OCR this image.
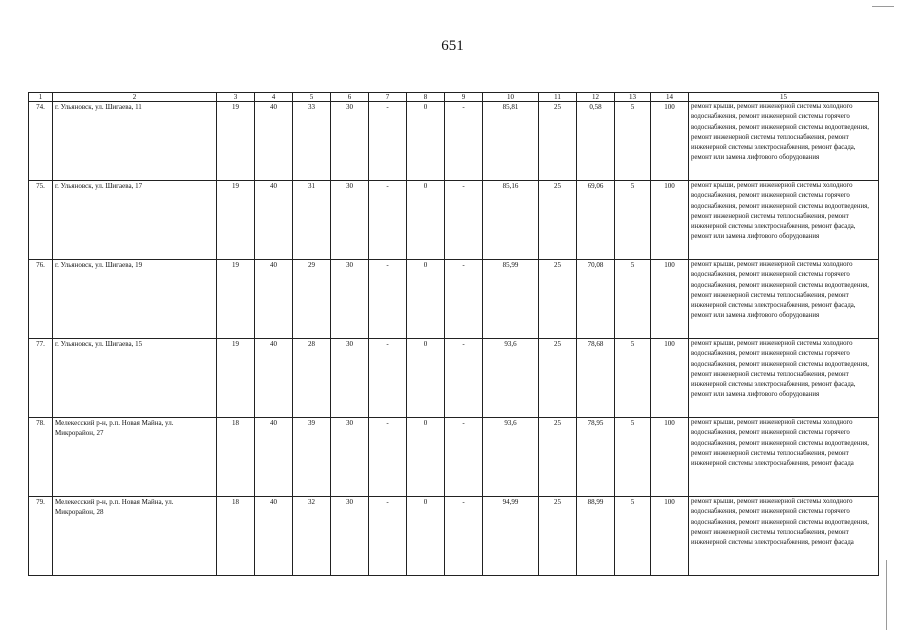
651
1	2	3	4	5	6	7	8	9	10	11	12	13	14	15
74.	г. Ульяновск, ул. Шигаева, 11	19	40	33	30	-	0	-	85,81	25	0,58	5	100	ремонт крыши, ремонт инженерной системы холодного водоснабжения, ремонт инженерной системы горячего водоснабжения, ремонт инженерной системы водоотведения, ремонт инженерной системы теплоснабжения, ремонт инженерной системы электроснабжения, ремонт фасада, ремонт или замена лифтового оборудования
75.	г. Ульяновск, ул. Шигаева, 17	19	40	31	30	-	0	-	85,16	25	69,06	5	100	ремонт крыши, ремонт инженерной системы холодного водоснабжения, ремонт инженерной системы горячего водоснабжения, ремонт инженерной системы водоотведения, ремонт инженерной системы теплоснабжения, ремонт инженерной системы электроснабжения, ремонт фасада, ремонт или замена лифтового оборудования
76.	г. Ульяновск, ул. Шигаева, 19	19	40	29	30	-	0	-	85,99	25	70,08	5	100	ремонт крыши, ремонт инженерной системы холодного водоснабжения, ремонт инженерной системы горячего водоснабжения, ремонт инженерной системы водоотведения, ремонт инженерной системы теплоснабжения, ремонт инженерной системы электроснабжения, ремонт фасада, ремонт или замена лифтового оборудования
77.	г. Ульяновск, ул. Шигаева, 15	19	40	28	30	-	0	-	93,6	25	78,68	5	100	ремонт крыши, ремонт инженерной системы холодного водоснабжения, ремонт инженерной системы горячего водоснабжения, ремонт инженерной системы водоотведения, ремонт инженерной системы теплоснабжения, ремонт инженерной системы электроснабжения, ремонт фасада, ремонт или замена лифтового оборудования
78.	Мелекесский р-н, р.п. Новая Майна, ул. Микрорайон, 27	18	40	39	30	-	0	-	93,6	25	78,95	5	100	ремонт крыши, ремонт инженерной системы холодного водоснабжения, ремонт инженерной системы горячего водоснабжения, ремонт инженерной системы водоотведения, ремонт инженерной системы теплоснабжения, ремонт инженерной системы электроснабжения, ремонт фасада
79.	Мелекесский р-н, р.п. Новая Майна, ул. Микрорайон, 28	18	40	32	30	-	0	-	94,99	25	88,99	5	100	ремонт крыши, ремонт инженерной системы холодного водоснабжения, ремонт инженерной системы горячего водоснабжения, ремонт инженерной системы водоотведения, ремонт инженерной системы теплоснабжения, ремонт инженерной системы электроснабжения, ремонт фасада
